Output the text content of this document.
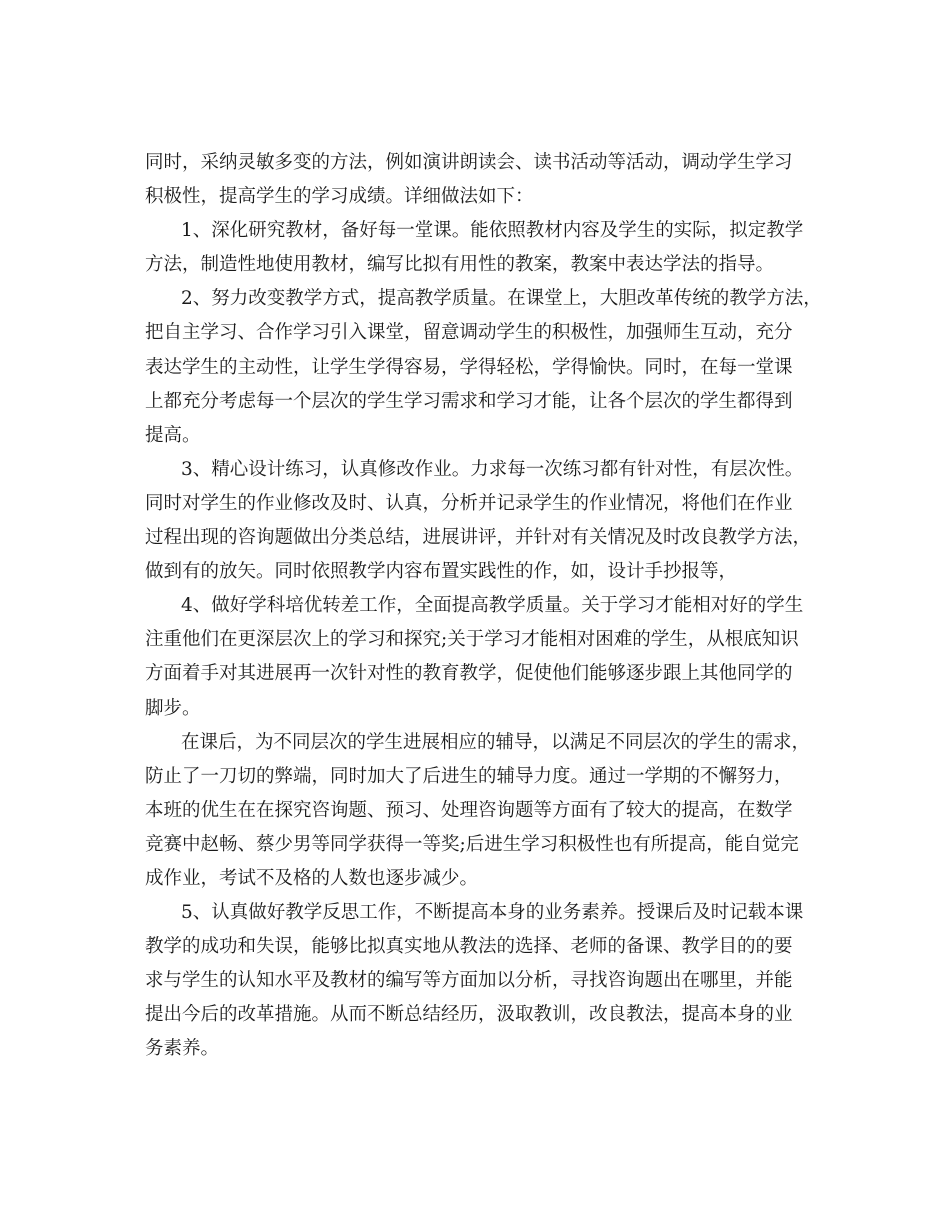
同时，采纳灵敏多变的方法，例如演讲朗读会、读书活动等活动，调动学生学习

积极性，提高学生的学习成绩。详细做法如下：

1、深化研究教材，备好每一堂课。能依照教材内容及学生的实际，拟定教学

方法，制造性地使用教材，编写比拟有用性的教案，教案中表达学法的指导。

2、努力改变教学方式，提高教学质量。在课堂上，大胆改革传统的教学方法，

把自主学习、合作学习引入课堂，留意调动学生的积极性，加强师生互动，充分

表达学生的主动性，让学生学得容易，学得轻松，学得愉快。同时，在每一堂课

上都充分考虑每一个层次的学生学习需求和学习才能，让各个层次的学生都得到

提高。

3、精心设计练习，认真修改作业。力求每一次练习都有针对性，有层次性。

同时对学生的作业修改及时、认真，分析并记录学生的作业情况，将他们在作业

过程出现的咨询题做出分类总结，进展讲评，并针对有关情况及时改良教学方法，

做到有的放矢。同时依照教学内容布置实践性的作，如，设计手抄报等，

4、做好学科培优转差工作，全面提高教学质量。关于学习才能相对好的学生

注重他们在更深层次上的学习和探究;关于学习才能相对困难的学生，从根底知识

方面着手对其进展再一次针对性的教育教学，促使他们能够逐步跟上其他同学的

脚步。

在课后，为不同层次的学生进展相应的辅导，以满足不同层次的学生的需求，

防止了一刀切的弊端，同时加大了后进生的辅导力度。通过一学期的不懈努力，

本班的优生在在探究咨询题、预习、处理咨询题等方面有了较大的提高，在数学

竞赛中赵畅、蔡少男等同学获得一等奖;后进生学习积极性也有所提高，能自觉完

成作业，考试不及格的人数也逐步减少。

5、认真做好教学反思工作，不断提高本身的业务素养。授课后及时记载本课

教学的成功和失误，能够比拟真实地从教法的选择、老师的备课、教学目的的要

求与学生的认知水平及教材的编写等方面加以分析，寻找咨询题出在哪里，并能

提出今后的改革措施。从而不断总结经历，汲取教训，改良教法，提高本身的业

务素养。
